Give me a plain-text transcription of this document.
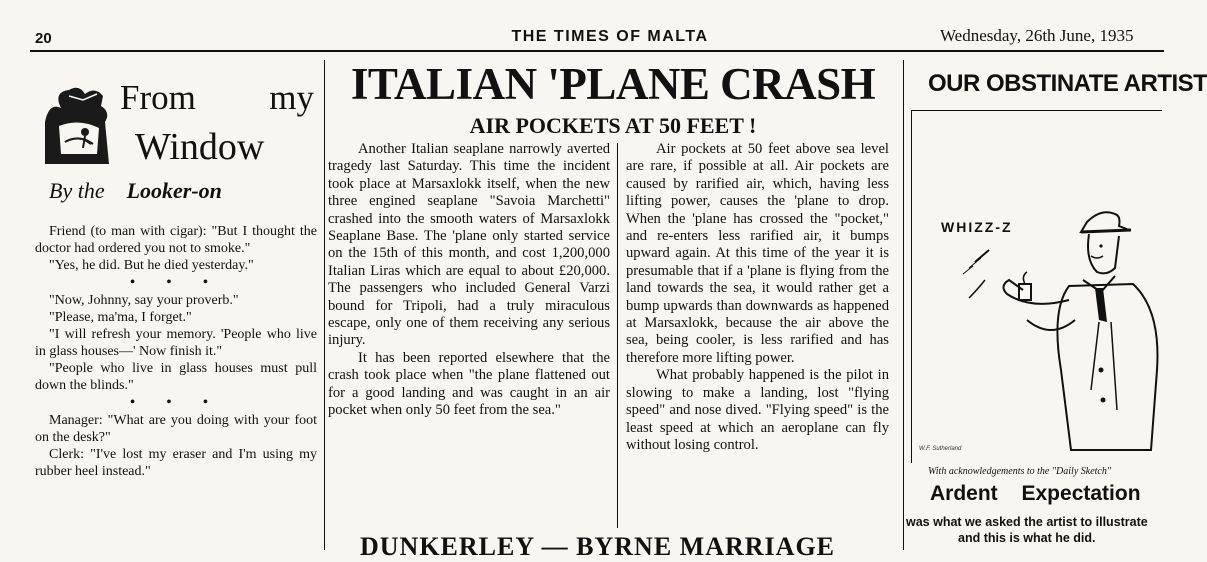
20	THE TIMES OF MALTA	Wednesday, 26th June, 1935
From my
Window
By the Looker-on

Friend (to man with cigar): "But I thought the doctor had ordered you not to smoke."

"Yes, he did. But he died yesterday."

• • •

"Now, Johnny, say your proverb."

"Please, ma'ma, I forget."

"I will refresh your memory. 'People who live in glass houses—' Now finish it."

"People who live in glass houses must pull down the blinds."

• • •

Manager: "What are you doing with your foot on the desk?"

Clerk: "I've lost my eraser and I'm using my rubber heel instead."

ITALIAN 'PLANE CRASH
AIR POCKETS AT 50 FEET !

Another Italian seaplane narrowly averted tragedy last Saturday. This time the incident took place at Marsaxlokk itself, when the new three engined seaplane "Savoia Marchetti" crashed into the smooth waters of Marsaxlokk Seaplane Base. The 'plane only started service on the 15th of this month, and cost 1,200,000 Italian Liras which are equal to about £20,000. The passengers who included General Varzi bound for Tripoli, had a truly miraculous escape, only one of them receiving any serious injury.

It has been reported elsewhere that the crash took place when "the plane flattened out for a good landing and was caught in an air pocket when only 50 feet from the sea."

Air pockets at 50 feet above sea level are rare, if possible at all. Air pockets are caused by rarified air, which, having less lifting power, causes the 'plane to drop. When the 'plane has crossed the "pocket," and re-enters less rarified air, it bumps upward again. At this time of the year it is presumable that if a 'plane is flying from the land towards the sea, it would rather get a bump upwards than downwards as happened at Marsaxlokk, because the air above the sea, being cooler, is less rarified and has therefore more lifting power.

What probably happened is the pilot in slowing to make a landing, lost "flying speed" and nose dived. "Flying speed" is the least speed at which an aeroplane can fly without losing control.

DUNKERLEY — BYRNE MARRIAGE
OUR OBSTINATE ARTIST
WHIZZ-Z
W.F. Sutherland
With acknowledgements to the "Daily Sketch"
Ardent Expectation
was what we asked the artist to illustrate
and this is what he did.
